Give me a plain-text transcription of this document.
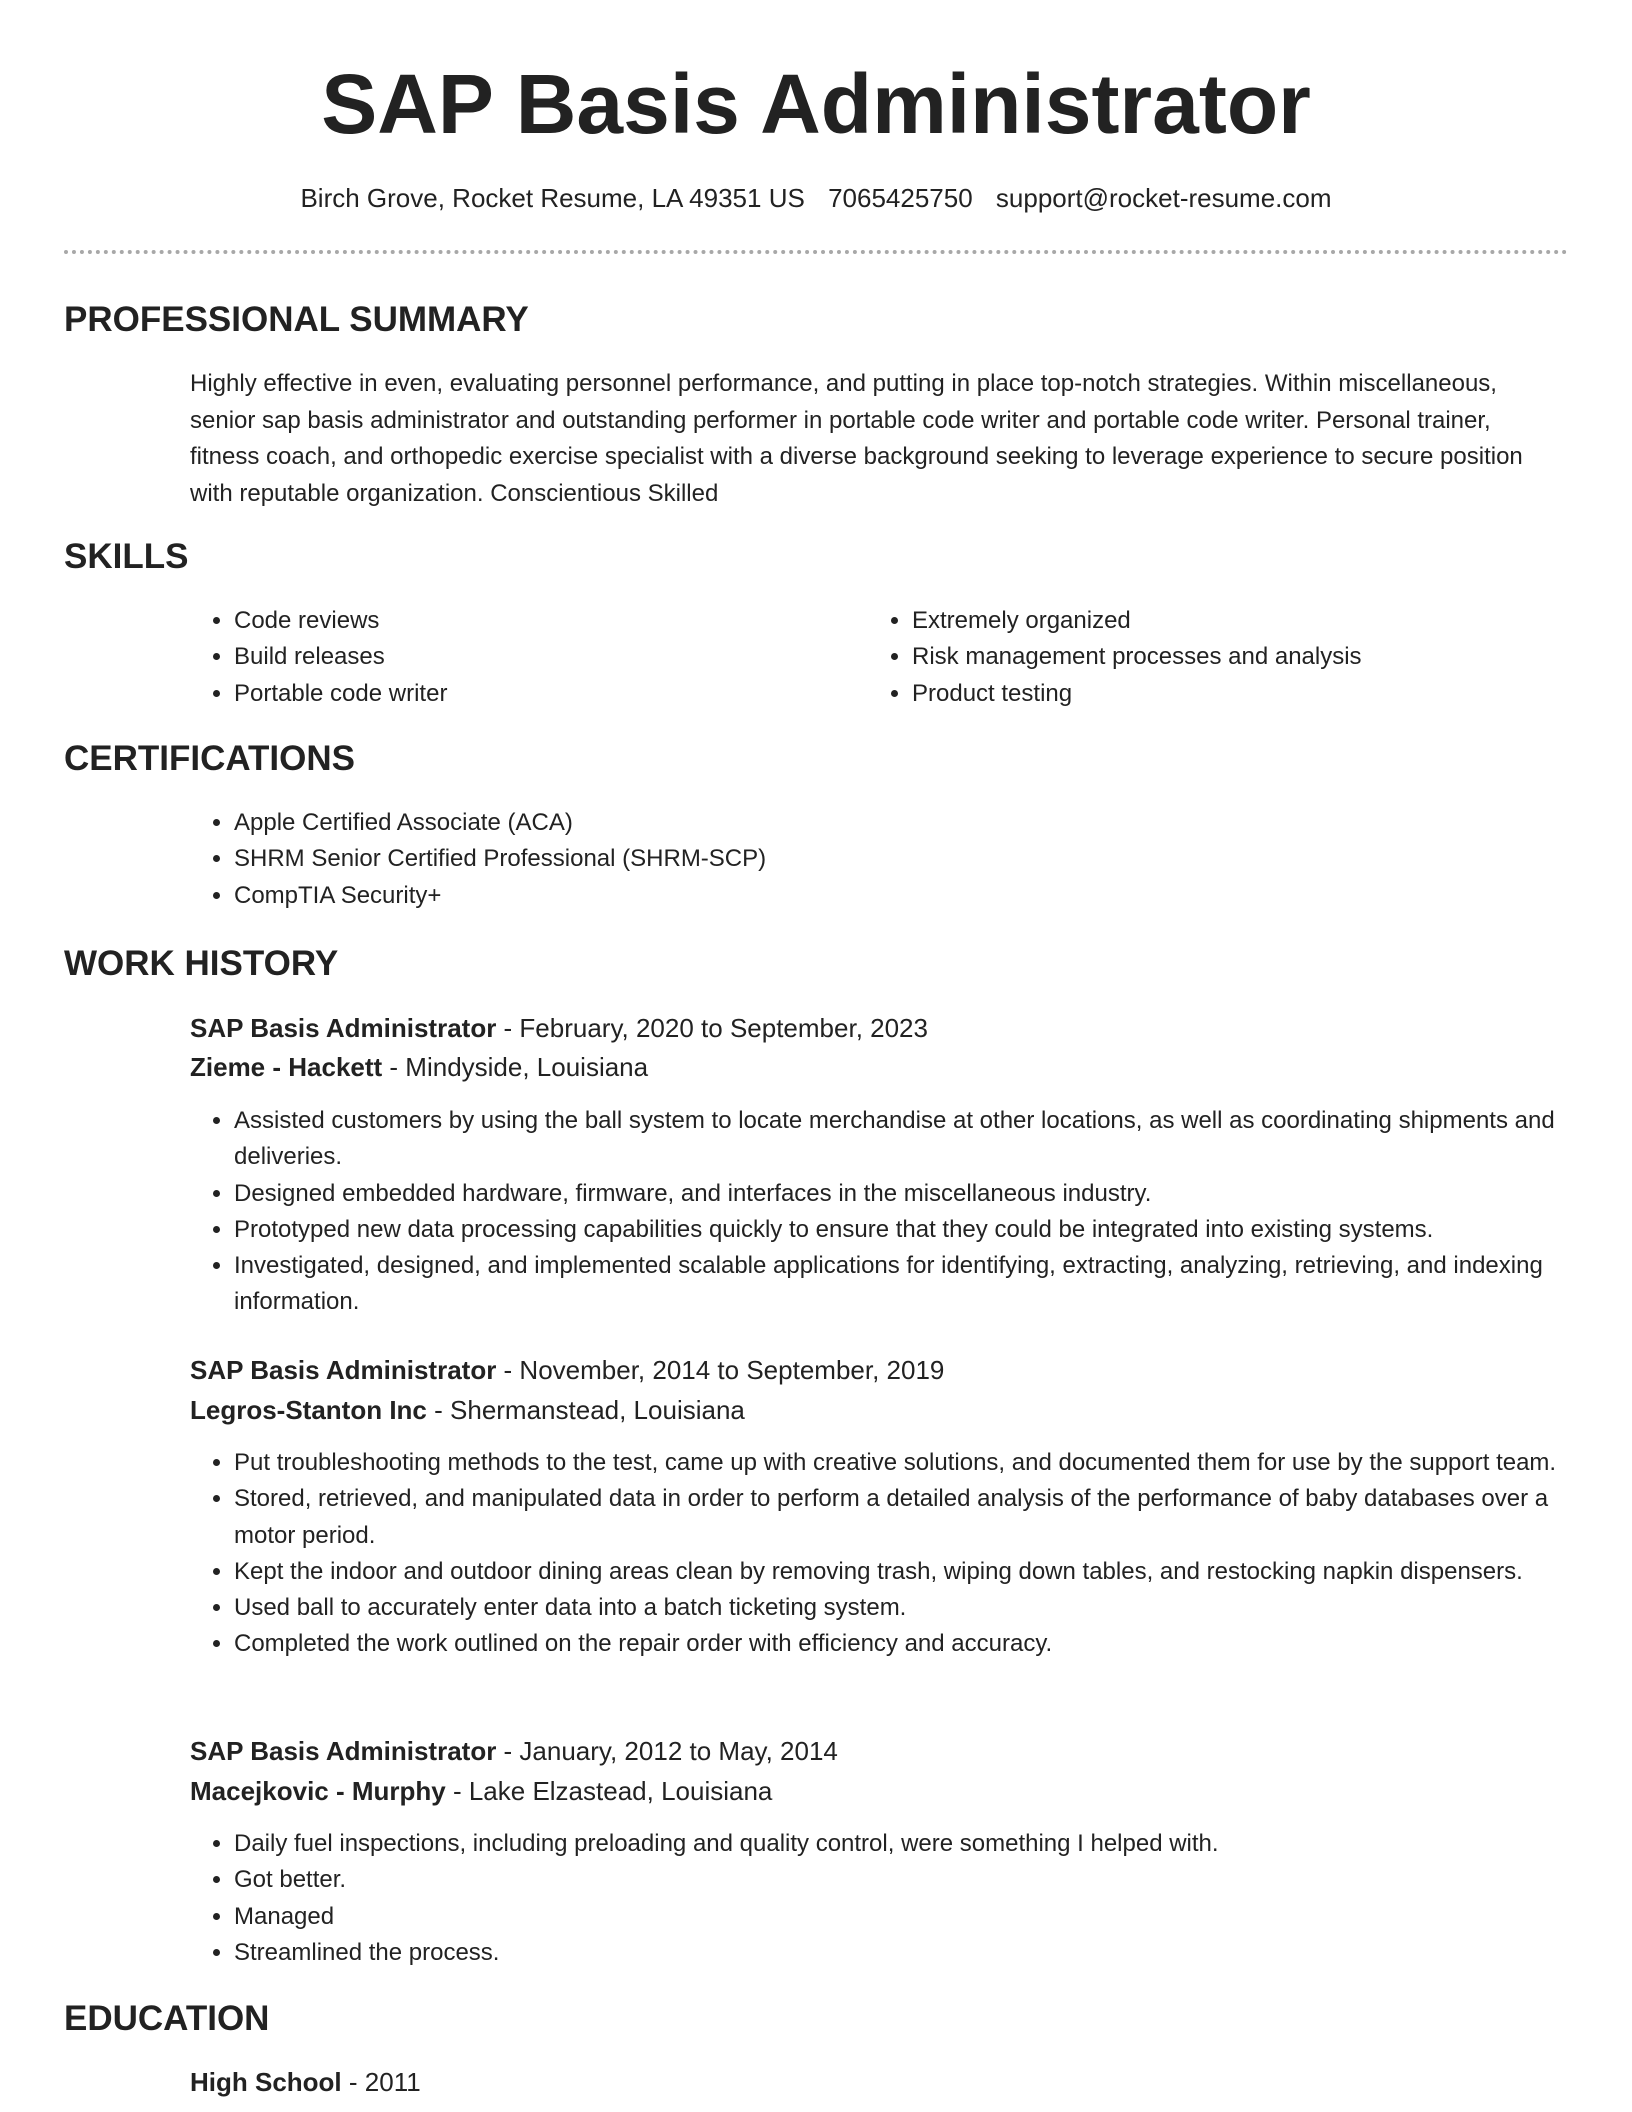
SAP Basis Administrator
Birch Grove, Rocket Resume, LA 49351 US 7065425750 support@rocket-resume.com
PROFESSIONAL SUMMARY

Highly effective in even, evaluating personnel performance, and putting in place top-notch strategies. Within miscellaneous, senior sap basis administrator and outstanding performer in portable code writer and portable code writer. Personal trainer, fitness coach, and orthopedic exercise specialist with a diverse background seeking to leverage experience to secure position with reputable organization. Conscientious Skilled

SKILLS
• Code reviews
• Build releases
• Portable code writer
• Extremely organized
• Risk management processes and analysis
• Product testing
CERTIFICATIONS
• Apple Certified Associate (ACA)
• SHRM Senior Certified Professional (SHRM-SCP)
• CompTIA Security+
WORK HISTORY
SAP Basis Administrator - February, 2020 to September, 2023
Zieme - Hackett - Mindyside, Louisiana
• Assisted customers by using the ball system to locate merchandise at other locations, as well as coordinating shipments and deliveries.
• Designed embedded hardware, firmware, and interfaces in the miscellaneous industry.
• Prototyped new data processing capabilities quickly to ensure that they could be integrated into existing systems.
• Investigated, designed, and implemented scalable applications for identifying, extracting, analyzing, retrieving, and indexing information.
SAP Basis Administrator - November, 2014 to September, 2019
Legros-Stanton Inc - Shermanstead, Louisiana
• Put troubleshooting methods to the test, came up with creative solutions, and documented them for use by the support team.
• Stored, retrieved, and manipulated data in order to perform a detailed analysis of the performance of baby databases over a motor period.
• Kept the indoor and outdoor dining areas clean by removing trash, wiping down tables, and restocking napkin dispensers.
• Used ball to accurately enter data into a batch ticketing system.
• Completed the work outlined on the repair order with efficiency and accuracy.
SAP Basis Administrator - January, 2012 to May, 2014
Macejkovic - Murphy - Lake Elzastead, Louisiana
• Daily fuel inspections, including preloading and quality control, were something I helped with.
• Got better.
• Managed
• Streamlined the process.
EDUCATION
High School - 2011
